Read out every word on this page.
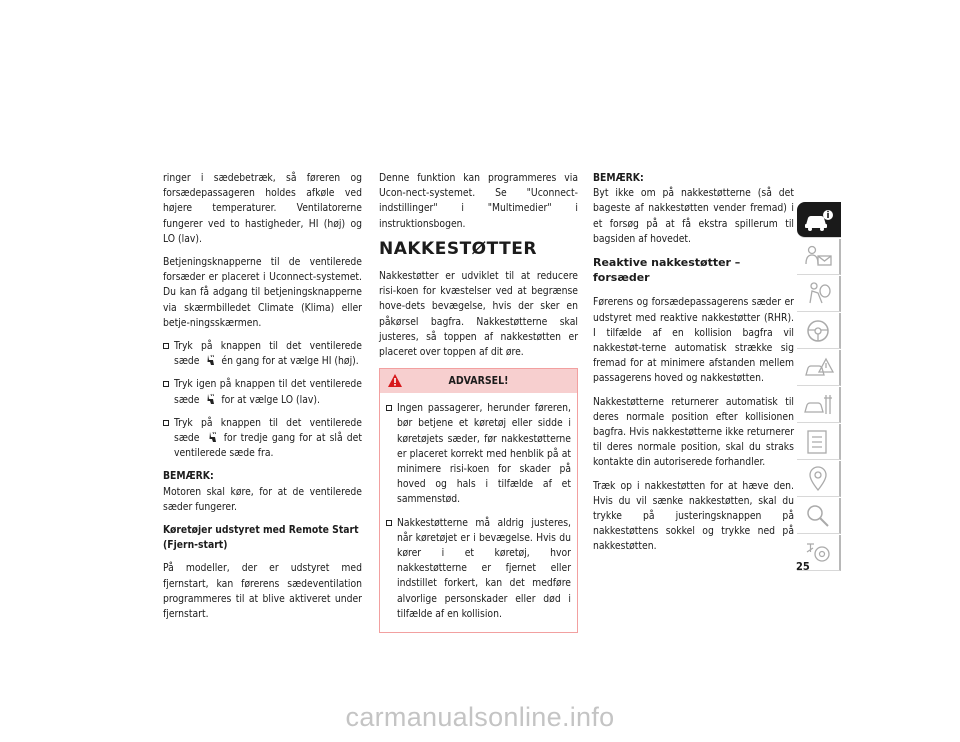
ringer i sædebetræk, så føreren og forsædepassageren holdes afkøle ved højere temperaturer. Ventilatorerne fungerer ved to hastigheder, HI (høj) og LO (lav).

Betjeningsknapperne til de ventilerede forsæder er placeret i Uconnect-systemet. Du kan få adgang til betjeningsknapperne via skærmbilledet Climate (Klima) eller betje-ningsskærmen.

Tryk på knappen til det ventilerede sæde én gang for at vælge HI (høj).
Tryk igen på knappen til det ventilerede sæde for at vælge LO (lav).
Tryk på knappen til det ventilerede sæde for tredje gang for at slå det ventilerede sæde fra.
BEMÆRK:

Motoren skal køre, for at de ventilerede sæder fungerer.

Køretøjer udstyret med Remote Start (Fjern-start)

På modeller, der er udstyret med fjernstart, kan førerens sædeventilation programmeres til at blive aktiveret under fjernstart.

Denne funktion kan programmeres via Ucon-nect-systemet. Se "Uconnect-indstillinger" i "Multimedier" i instruktionsbogen.

NAKKESTØTTER

Nakkestøtter er udviklet til at reducere risi-koen for kvæstelser ved at begrænse hove-dets bevægelse, hvis der sker en påkørsel bagfra. Nakkestøtterne skal justeres, så toppen af nakkestøtten er placeret over toppen af dit øre.

ADVARSEL!
Ingen passagerer, herunder føreren, bør betjene et køretøj eller sidde i køretøjets sæder, før nakkestøtterne er placeret korrekt med henblik på at minimere risi-koen for skader på hoved og hals i tilfælde af et sammenstød.
Nakkestøtterne må aldrig justeres, når køretøjet er i bevægelse. Hvis du kører i et køretøj, hvor nakkestøtterne er fjernet eller indstillet forkert, kan det medføre alvorlige personskader eller død i tilfælde af en kollision.
BEMÆRK:

Byt ikke om på nakkestøtterne (så det bageste af nakkestøtten vender fremad) i et forsøg på at få ekstra spillerum til bagsiden af hovedet.

Reaktive nakkestøtter – forsæder

Førerens og forsædepassagerens sæder er udstyret med reaktive nakkestøtter (RHR). I tilfælde af en kollision bagfra vil nakkestøt-terne automatisk strække sig fremad for at minimere afstanden mellem passagerens hoved og nakkestøtten.

Nakkestøtterne returnerer automatisk til deres normale position efter kollisionen bagfra. Hvis nakkestøtterne ikke returnerer til deres normale position, skal du straks kontakte din autoriserede forhandler.

Træk op i nakkestøtten for at hæve den. Hvis du vil sænke nakkestøtten, skal du trykke på justeringsknappen på nakkestøttens sokkel og trykke ned på nakkestøtten.

25
carmanualsonline.info
